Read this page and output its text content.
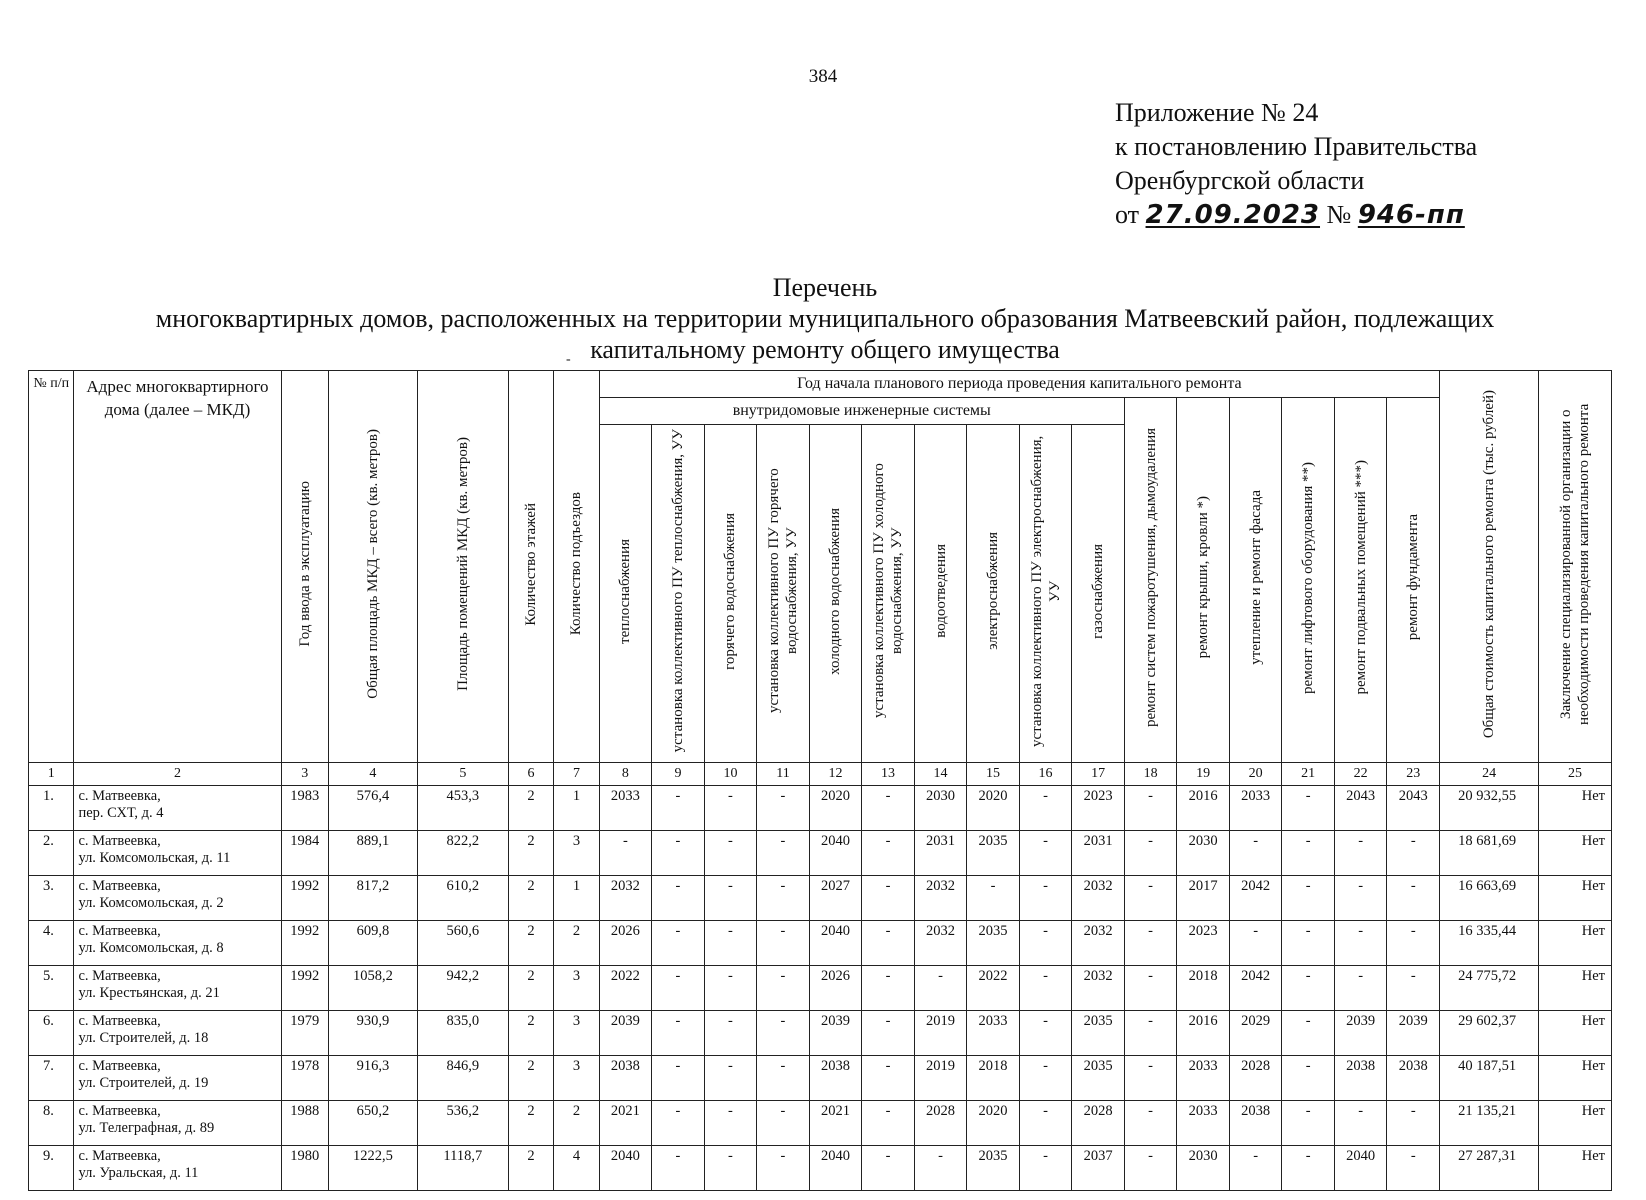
384
Приложение № 24
к постановлению Правительства
Оренбургской области
от 27.09.2023 № 946-пп
Перечень
многоквартирных домов, расположенных на территории муниципального образования Матвеевский район, подлежащих
капитальному ремонту общего имущества
-
№ п/п	Адрес многоквартирного дома (далее – МКД)	Год ввода в эксплуатацию	Общая площадь МКД – всего (кв. метров)	Площадь помещений МКД (кв. метров)	Количество этажей	Количество подъездов	Год начала планового периода проведения капитального ремонта																Общая стоимость капитального ремонта (тыс. рублей)	Заключение специализированной организации о необходимости проведения капитального ремонта
							внутридомовые инженерные системы										ремонт систем пожаротушения, дымоудаления	ремонт крыши, кровли *)	утепление и ремонт фасада	ремонт лифтового оборудования **)	ремонт подвальных помещений ***)	ремонт фундамента		
							теплоснабжения	установка коллективного ПУ теплоснабжения, УУ	горячего водоснабжения	установка коллективного ПУ горячего водоснабжения, УУ	холодного водоснабжения	установка коллективного ПУ холодного водоснабжения, УУ	водоотведения	электроснабжения	установка коллективного ПУ электроснабжения, УУ	газоснабжения								
1	2	3	4	5	6	7	8	9	10	11	12	13	14	15	16	17	18	19	20	21	22	23	24	25
1.	с. Матвеевка,
пер. СХТ, д. 4	1983	576,4	453,3	2	1	2033	-	-	-	2020	-	2030	2020	-	2023	-	2016	2033	-	2043	2043	20 932,55	Нет
2.	с. Матвеевка,
ул. Комсомольская, д. 11	1984	889,1	822,2	2	3	-	-	-	-	2040	-	2031	2035	-	2031	-	2030	-	-	-	-	18 681,69	Нет
3.	с. Матвеевка,
ул. Комсомольская, д. 2	1992	817,2	610,2	2	1	2032	-	-	-	2027	-	2032	-	-	2032	-	2017	2042	-	-	-	16 663,69	Нет
4.	с. Матвеевка,
ул. Комсомольская, д. 8	1992	609,8	560,6	2	2	2026	-	-	-	2040	-	2032	2035	-	2032	-	2023	-	-	-	-	16 335,44	Нет
5.	с. Матвеевка,
ул. Крестьянская, д. 21	1992	1058,2	942,2	2	3	2022	-	-	-	2026	-	-	2022	-	2032	-	2018	2042	-	-	-	24 775,72	Нет
6.	с. Матвеевка,
ул. Строителей, д. 18	1979	930,9	835,0	2	3	2039	-	-	-	2039	-	2019	2033	-	2035	-	2016	2029	-	2039	2039	29 602,37	Нет
7.	с. Матвеевка,
ул. Строителей, д. 19	1978	916,3	846,9	2	3	2038	-	-	-	2038	-	2019	2018	-	2035	-	2033	2028	-	2038	2038	40 187,51	Нет
8.	с. Матвеевка,
ул. Телеграфная, д. 89	1988	650,2	536,2	2	2	2021	-	-	-	2021	-	2028	2020	-	2028	-	2033	2038	-	-	-	21 135,21	Нет
9.	с. Матвеевка,
ул. Уральская, д. 11	1980	1222,5	1118,7	2	4	2040	-	-	-	2040	-	-	2035	-	2037	-	2030	-	-	2040	-	27 287,31	Нет
